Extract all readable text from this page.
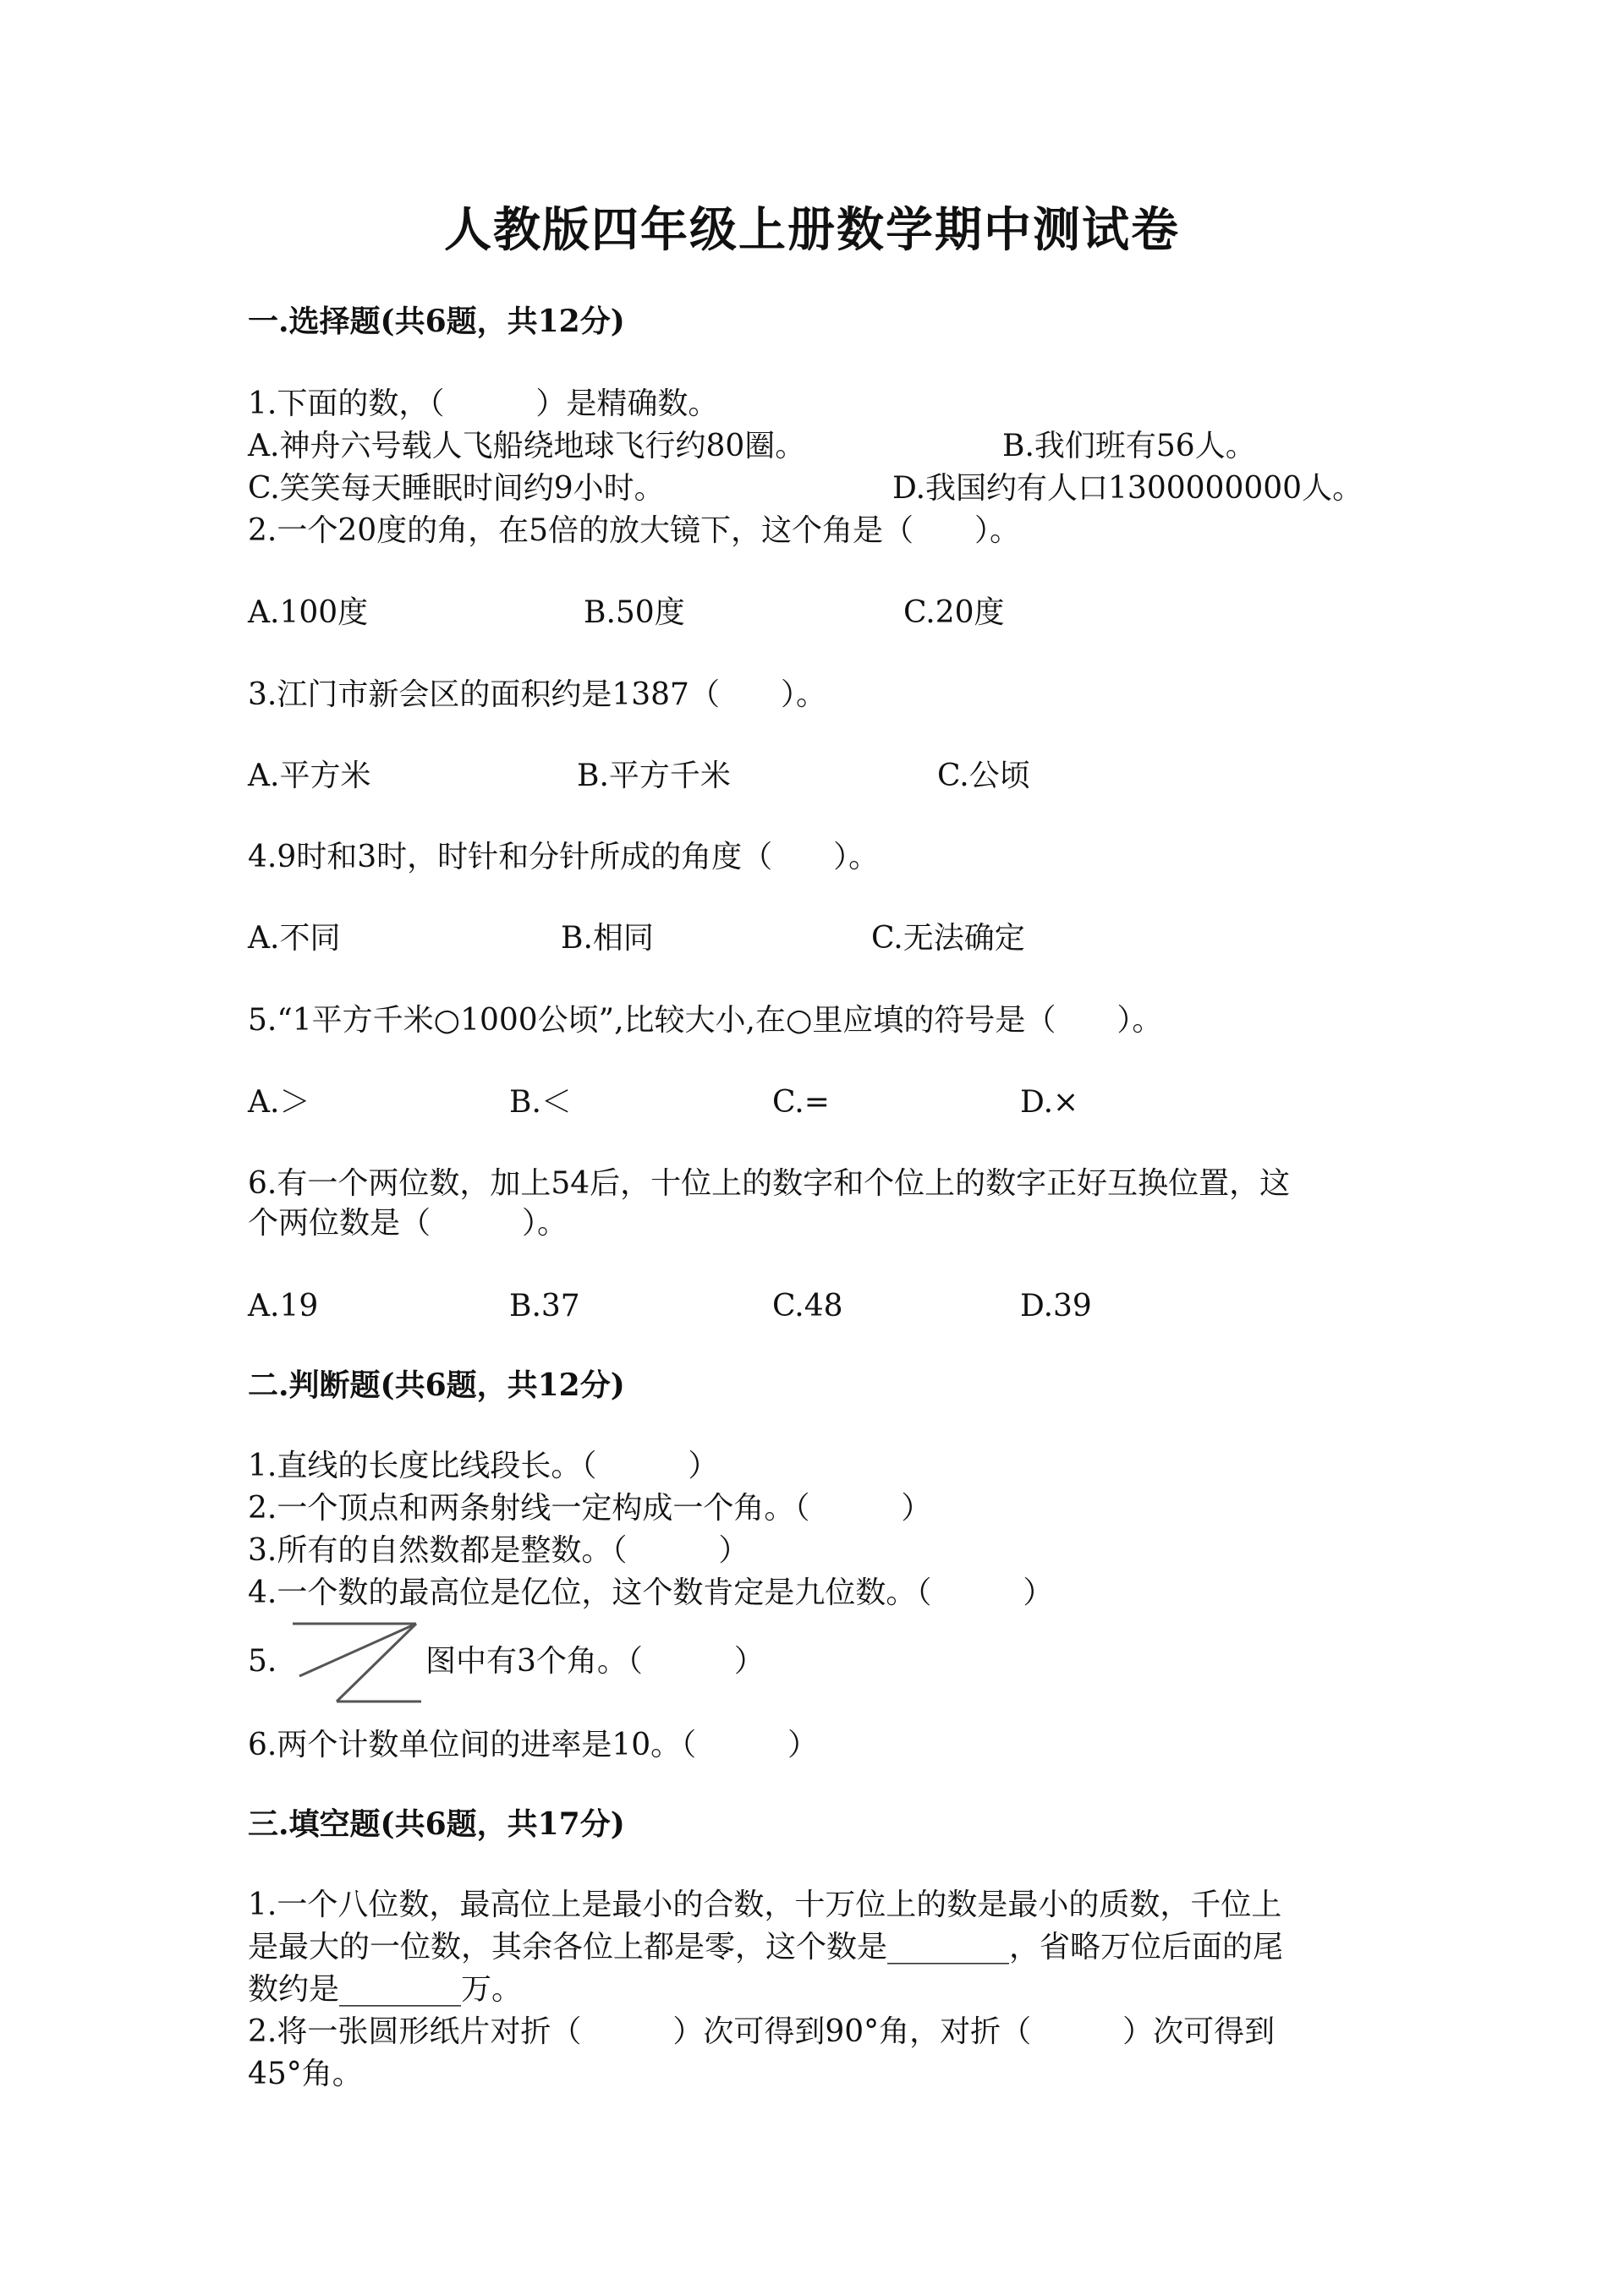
人教版四年级上册数学期中测试卷
一.选择题(共6题，共12分)
1.下面的数，（　　　）是精确数。
A.神舟六号载人飞船绕地球飞行约80圈。	B.我们班有56人。
C.笑笑每天睡眠时间约9小时。	D.我国约有人口1300000000人。
2.一个20度的角，在5倍的放大镜下，这个角是（　　）。
A.100度	B.50度	C.20度
3.江门市新会区的面积约是1387（　　）。
A.平方米	B.平方千米	C.公顷
4.9时和3时，时针和分针所成的角度（　　）。
A.不同	B.相同	C.无法确定
5.“1平方千米○1000公顷”,比较大小,在○里应填的符号是（　　）。
A.＞	B.＜	C.=	D.×
6.有一个两位数，加上54后，十位上的数字和个位上的数字正好互换位置，这
个两位数是（　　　）。
A.19	B.37	C.48	D.39
二.判断题(共6题，共12分)
1.直线的长度比线段长。（　　　）
2.一个顶点和两条射线一定构成一个角。（　　　）
3.所有的自然数都是整数。（　　　）
4.一个数的最高位是亿位，这个数肯定是九位数。（　　　）
5.	图中有3个角。（　　　）
6.两个计数单位间的进率是10。（　　　）
三.填空题(共6题，共17分)
1.一个八位数，最高位上是最小的合数，十万位上的数是最小的质数，千位上
是最大的一位数，其余各位上都是零，这个数是________，省略万位后面的尾
数约是________万。
2.将一张圆形纸片对折（　　　）次可得到90°角，对折（　　　）次可得到
45°角。
